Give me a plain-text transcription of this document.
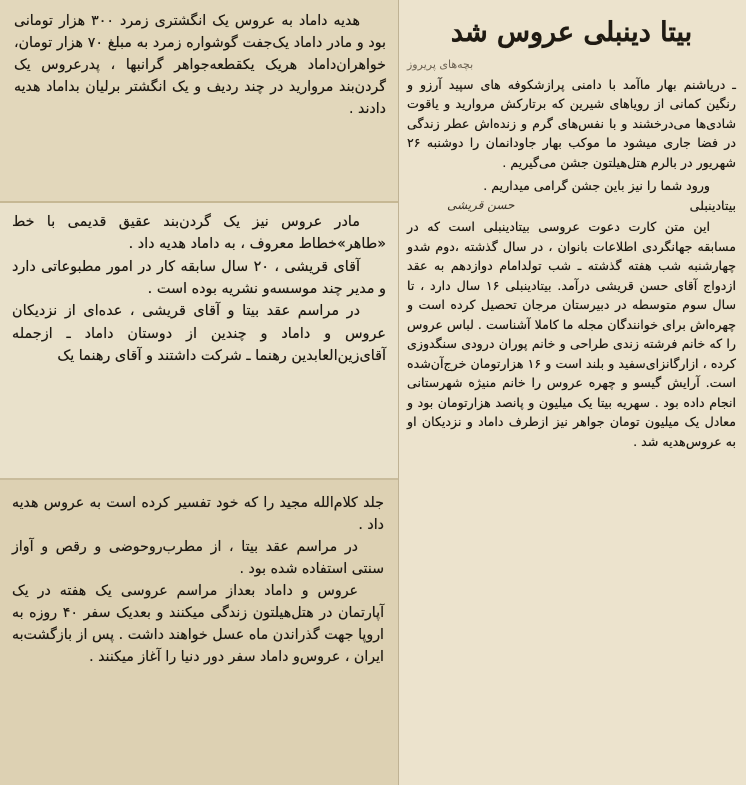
بیتا دینبلی عروس شد

بچه‌های پریروز

ـ دریاشنم بهار ماآمد با دامنی پرازشکوفه های سپید آرزو و رنگین کمانی از رویاهای شیرین که برتارکش مروارید و یاقوت شادی‌ها می‌درخشند و با نفس‌های گرم و زنده‌اش عطر زندگی در فضا جاری میشود ما موکب بهار جاودانمان را دوشنبه ۲۶ شهریور در بالرم هتل‌هیلتون جشن می‌گیریم .

ورود شما را نیز باین جشن گرامی میداریم .

بیتادینبلی
حسن قریشی

این متن کارت دعوت عروسی بیتادینبلی است که در مسابقه جهانگردی اطلاعات بانوان ، در سال گذشته ،دوم شدو چهارشنبه شب هفته گذشته ـ شب تولدامام دوازدهم به عقد ازدواج آقای حسن قریشی درآمد. بیتادینبلی ۱۶ سال دارد ، تا سال سوم متوسطه در دبیرستان مرجان تحصیل کرده است و چهره‌اش برای خوانندگان مجله ما کاملا آشناست . لباس عروس را که خانم فرشته زندی طراحی و خانم پوران درودی سنگدوزی کرده ، ازارگانزای‌سفید و بلند است و ۱۶ هزارتومان خرج‌آن‌شده است. آرایش گیسو و چهره عروس را خانم منیژه شهرستانی انجام داده بود . سهریه بیتا یک میلیون و پانصد هزارتومان بود و معادل یک میلیون تومان جواهر نیز ازطرف داماد و نزدیکان او به عروس‌هدیه شد .

هدیه داماد به عروس یک انگشتری زمرد ۳۰۰ هزار تومانی بود و مادر داماد یک‌جفت گوشواره زمرد به مبلغ ۷۰ هزار تومان، خواهران‌داماد هریک یکقطعه‌جواهر گرانبها ، پدرعروس یک گردن‌بند مروارید در چند ردیف و یک انگشتر برلیان بداماد هدیه دادند .

مادر عروس نیز یک گردن‌بند عقیق قدیمی با خط «طاهر»خطاط معروف ، به داماد هدیه داد .

آقای قریشی ، ۲۰ سال سابقه کار در امور مطبوعاتی دارد و مدیر چند موسسه‌و نشریه بوده است .

در مراسم عقد بیتا و آقای قریشی ، عده‌ای از نزدیکان عروس و داماد و چندین از دوستان داماد ـ ازجمله آقای‌زین‌العابدین رهنما ـ شرکت داشتند و آقای رهنما یک

جلد کلام‌الله مجید را که خود تفسیر کرده است به عروس هدیه داد .

در مراسم عقد بیتا ، از مطرب‌روحوضی و رقص و آواز سنتی استفاده شده بود .

عروس و داماد بعداز مراسم عروسی یک هفته در یک آپارتمان در هتل‌هیلتون زندگی میکنند و بعدیک سفر ۴۰ روزه به اروپا جهت گذراندن ماه عسل خواهند داشت . پس از بازگشت‌به ایران ، عروس‌و داماد سفر دور دنیا را آغاز میکنند .
